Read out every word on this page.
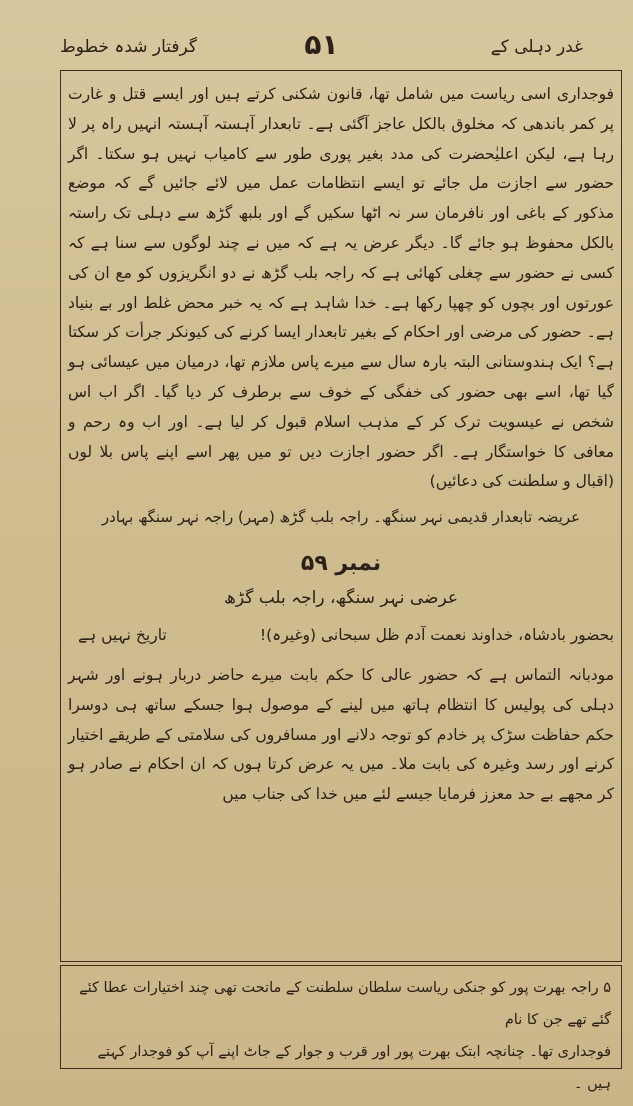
غدر دہلی کے
۵۱
گرفتار شدہ خطوط

فوجداری اسی ریاست میں شامل تھا، قانون شکنی کرتے ہیں اور ایسے قتل و غارت پر کمر باندھی کہ مخلوق بالکل عاجز آگئی ہے۔ تابعدار آہستہ آہستہ انہیں راہ پر لا رہا ہے، لیکن اعلیٰحضرت کی مدد بغیر پوری طور سے کامیاب نہیں ہو سکتا۔ اگر حضور سے اجازت مل جائے تو ایسے انتظامات عمل میں لائے جائیں گے کہ موضع مذکور کے باغی اور نافرمان سر نہ اٹھا سکیں گے اور بلبھ گڑھ سے دہلی تک راستہ بالکل محفوظ ہو جائے گا۔ دیگر عرض یہ ہے کہ میں نے چند لوگوں سے سنا ہے کہ کسی نے حضور سے چغلی کھائی ہے کہ راجہ بلب گڑھ نے دو انگریزوں کو مع ان کی عورتوں اور بچوں کو چھپا رکھا ہے۔ خدا شاہد ہے کہ یہ خبر محض غلط اور بے بنیاد ہے۔ حضور کی مرضی اور احکام کے بغیر تابعدار ایسا کرنے کی کیونکر جرأت کر سکتا ہے؟ ایک ہندوستانی البتہ بارہ سال سے میرے پاس ملازم تھا، درمیان میں عیسائی ہو گیا تھا، اسے بھی حضور کی خفگی کے خوف سے برطرف کر دیا گیا۔ اگر اب اس شخص نے عیسویت ترک کر کے مذہب اسلام قبول کر لیا ہے۔ اور اب وہ رحم و معافی کا خواستگار ہے۔ اگر حضور اجازت دیں تو میں پھر اسے اپنے پاس بلا لوں (اقبال و سلطنت کی دعائیں)

عریضہ تابعدار قدیمی نہر سنگھ۔ راجہ بلب گڑھ (مہر) راجہ نہر سنگھ بہادر

نمبر ۵۹

عرضی نہر سنگھ، راجہ بلب گڑھ

بحضور بادشاہ، خداوند نعمت آدم ظل سبحانی (وغیرہ)!
تاریخ نہیں ہے

مودبانہ التماس ہے کہ حضور عالی کا حکم بابت میرے حاضر دربار ہونے اور شہر دہلی کی پولیس کا انتظام ہاتھ میں لینے کے موصول ہوا جسکے ساتھ ہی دوسرا حکم حفاظت سڑک پر خادم کو توجہ دلانے اور مسافروں کی سلامتی کے طریقے اختیار کرنے اور رسد وغیرہ کی بابت ملا۔ میں یہ عرض کرتا ہوں کہ ان احکام نے صادر ہو کر مجھے بے حد معزز فرمایا جیسے لئے میں خدا کی جناب میں

۵ راجہ بھرت پور کو جنکی ریاست سلطان سلطنت کے ماتحت تھی چند اختیارات عطا کئے گئے تھے جن کا نام

فوجداری تھا۔ چنانچہ ابتک بھرت پور اور قرب و جوار کے جاٹ اپنے آپ کو فوجدار کہتے ہیں ۔
